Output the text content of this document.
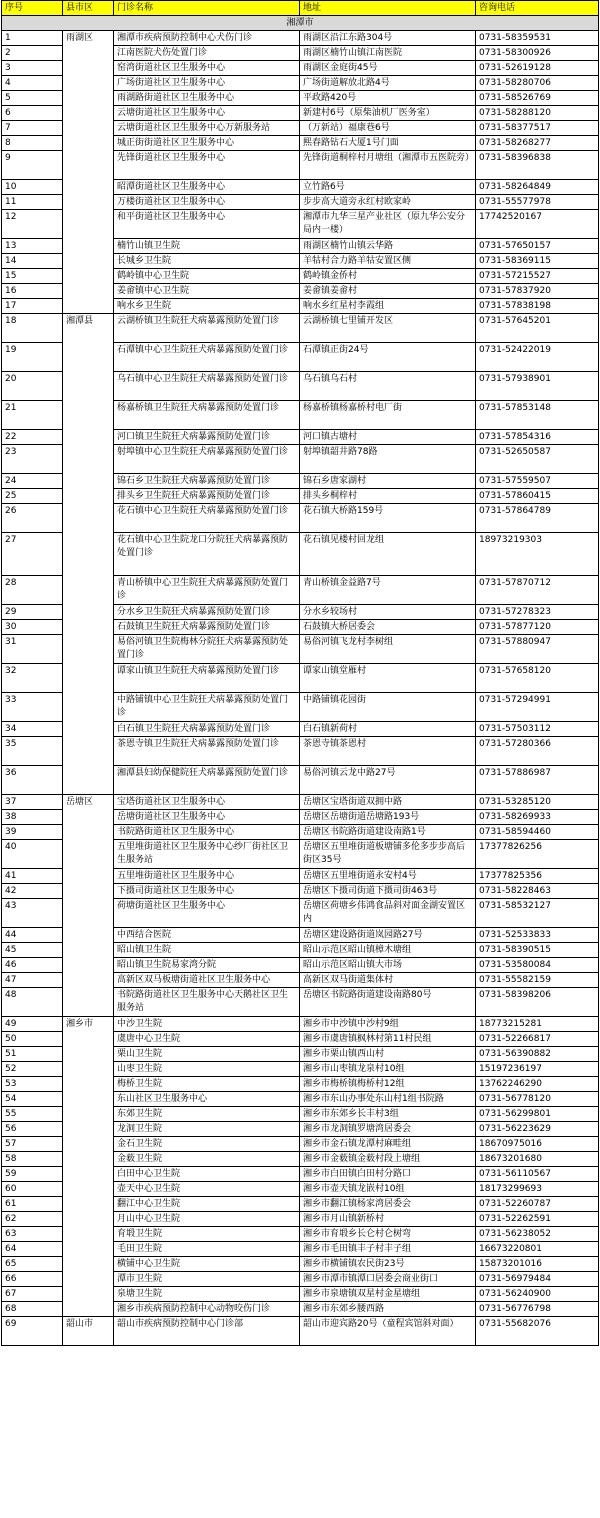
序号	县市区	门诊名称	地址	咨询电话
湘潭市				
1	雨湖区	湘潭市疾病预防控制中心犬伤门诊	雨湖区沿江东路304号	0731-58359531
2		江南医院犬伤处置门诊	雨湖区楠竹山镇江南医院	0731-58300926
3		窑湾街道社区卫生服务中心	雨湖区金庭街45号	0731-52619128
4		广场街道社区卫生服务中心	广场街道解放北路4号	0731-58280706
5		雨湖路街道社区卫生服务中心	平政路420号	0731-58526769
6		云塘街道社区卫生服务中心	新建村6号（原柴油机厂医务室）	0731-58288120
7		云塘街道社区卫生服务中心万新服务站	（万新站）福康巷6号	0731-58377517
8		城正街街道社区卫生服务中心	熙春路钻石大厦1号门面	0731-58268277
9		先锋街道社区卫生服务中心	先锋街道桐梓村月塘组（湘潭市五医院旁）	0731-58396838
10		昭潭街道社区卫生服务中心	立竹路6号	0731-58264849
11		万楼街道社区卫生服务中心	步步高大道旁永红村欧家岭	0731-55577978
12		和平街道社区卫生服务中心	湘潭市九华三星产业社区（原九华公安分局内一楼）	17742520167
13		楠竹山镇卫生院	雨湖区楠竹山镇云华路	0731-57650157
14		长城乡卫生院	羊牯村合力路羊牯安置区侧	0731-58369115
15		鹤岭镇中心卫生院	鹤岭镇金侨村	0731-57215527
16		姜畲镇中心卫生院	姜畲镇姜畲村	0731-57837920
17		响水乡卫生院	响水乡红星村李霞组	0731-57838198
18	湘潭县	云湖桥镇卫生院狂犬病暴露预防处置门诊	云湖桥镇七里铺开发区	0731-57645201
19		石潭镇中心卫生院狂犬病暴露预防处置门诊	石潭镇正街24号	0731-52422019
20		乌石镇中心卫生院狂犬病暴露预防处置门诊	乌石镇乌石村	0731-57938901
21		杨嘉桥镇卫生院狂犬病暴露预防处置门诊	杨嘉桥镇杨嘉桥村电厂街	0731-57853148
22		河口镇卫生院狂犬病暴露预防处置门诊	河口镇古塘村	0731-57854316
23		射埠镇中心卫生院狂犬病暴露预防处置门诊	射埠镇韶井路78路	0731-52650587
24		锦石乡卫生院狂犬病暴露预防处置门诊	锦石乡唐家湖村	0731-57559507
25		排头乡卫生院狂犬病暴露预防处置门诊	排头乡桐梓村	0731-57860415
26		花石镇中心卫生院狂犬病暴露预防处置门诊	花石镇大桥路159号	0731-57864789
27		花石镇中心卫生院龙口分院狂犬病暴露预防处置门诊	花石镇见楼村回龙组	18973219303
28		青山桥镇中心卫生院狂犬病暴露预防处置门诊	青山桥镇金益路7号	0731-57870712
29		分水乡卫生院狂犬病暴露预防处置门诊	分水乡较场村	0731-57278323
30		石鼓镇卫生院狂犬病暴露预防处置门诊	石鼓镇大桥居委会	0731-57877120
31		易俗河镇卫生院梅林分院狂犬病暴露预防处置门诊	易俗河镇飞龙村李树组	0731-57880947
32		谭家山镇卫生院狂犬病暴露预防处置门诊	谭家山镇堂雁村	0731-57658120
33		中路铺镇中心卫生院狂犬病暴露预防处置门诊	中路铺镇花园街	0731-57294991
34		白石镇卫生院狂犬病暴露预防处置门诊	白石镇新荷村	0731-57503112
35		茶恩寺镇卫生院狂犬病暴露预防处置门诊	茶恩寺镇茶恩村	0731-57280366
36		湘潭县妇幼保健院狂犬病暴露预防处置门诊	易俗河镇云龙中路27号	0731-57886987
37	岳塘区	宝塔街道社区卫生服务中心	岳塘区宝塔街道双拥中路	0731-53285120
38		岳塘街道社区卫生服务中心	岳塘区岳塘街道岳塘路193号	0731-58269933
39		书院路街道社区卫生服务中心	岳塘区书院路街道建设南路1号	0731-58594460
40		五里堆街道社区卫生服务中心纱厂街社区卫生服务站	岳塘区五里堆街道板塘铺多伦多步步高后街区35号	17377826256
41		五里堆街道社区卫生服务中心	岳塘区五里堆街道永安村4号	17377825356
42		下摄司街道社区卫生服务中心	岳塘区下摄司街道下摄司街463号	0731-58228463
43		荷塘街道社区卫生服务中心	岳塘区荷塘乡伟鸿食品斜对面金湖安置区内	0731-58532127
44		中西结合医院	岳塘区建设路街道岚园路27号	0731-52533833
45		昭山镇卫生院	昭山示范区昭山镇樟木塘组	0731-58390515
46		昭山镇卫生院易家湾分院	昭山示范区昭山镇大市场	0731-53580084
47		高新区双马板塘街道社区卫生服务中心	高新区双马街道集体村	0731-55582159
48		书院路街道社区卫生服务中心天鹅社区卫生服务站	岳塘区书院路街道建设南路80号	0731-58398206
49	湘乡市	中沙卫生院	湘乡市中沙镇中沙村9组	18773215281
50		虞唐中心卫生院	湘乡市虞唐镇枫林村第11村民组	0731-52266817
51		栗山卫生院	湘乡市栗山镇西山村	0731-56390882
52		山枣卫生院	湘乡市山枣镇龙泉村10组	15197236197
53		梅桥卫生院	湘乡市梅桥镇梅桥村12组	13762246290
54		东山社区卫生服务中心	湘乡市东山办事处东山村1组书院路	0731-56778120
55		东郊卫生院	湘乡市东郊乡长丰村3组	0731-56299801
56		龙洞卫生院	湘乡市龙洞镇罗塘湾居委会	0731-56223629
57		金石卫生院	湘乡市金石镇龙潭村麻畦组	18670975016
58		金薮卫生院	湘乡市金薮镇金薮村段上塘组	18673201680
59		白田中心卫生院	湘乡市白田镇白田村分路口	0731-56110567
60		壶天中心卫生院	湘乡市壶天镇龙嵌村10组	18173299693
61		翻江中心卫生院	湘乡市翻江镇杨家湾居委会	0731-52260787
62		月山中心卫生院	湘乡市月山镇新桥村	0731-52262591
63		育塅卫生院	湘乡市育塅乡长仑村仑树弯	0731-56238052
64		毛田卫生院	湘乡市毛田镇丰子村丰子组	16673220801
65		横铺中心卫生院	湘乡市横铺镇农民街23号	15873201016
66		潭市卫生院	湘乡市潭市镇潭口居委会商业街口	0731-56979484
67		泉塘卫生院	湘乡市泉塘镇双星村金星塘组	0731-56240900
68		湘乡市疾病预防控制中心动物咬伤门诊	湘乡市东郊乡腰西路	0731-56776798
69	韶山市	韶山市疾病预防控制中心门诊部	韶山市迎宾路20号（童程宾馆斜对面）	0731-55682076
